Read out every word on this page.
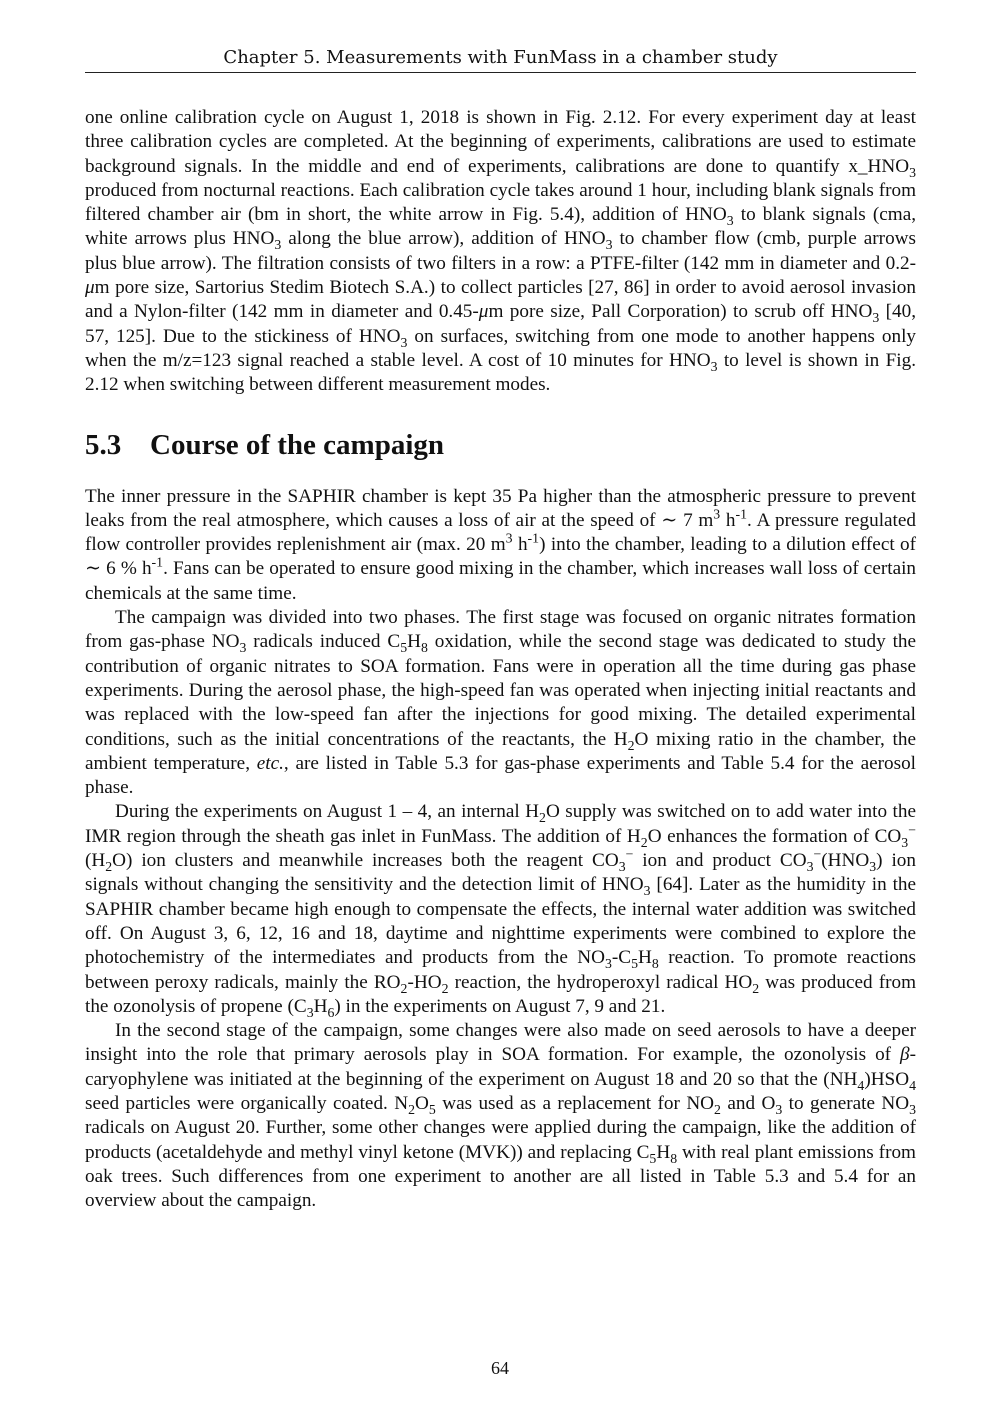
Chapter 5. Measurements with FunMass in a chamber study

one online calibration cycle on August 1, 2018 is shown in Fig. 2.12. For every experiment day at least three calibration cycles are completed. At the beginning of experiments, calibrations are used to estimate background signals. In the middle and end of experiments, calibrations are done to quantify $x\_HNO_3$ produced from nocturnal reactions. Each calibration cycle takes around 1 hour, including blank signals from filtered chamber air (bm in short, the white arrow in Fig. 5.4), addition of $HNO_3$ to blank signals (cma, white arrows plus $HNO_3$ along the blue arrow), addition of $HNO_3$ to chamber flow (cmb, purple arrows plus blue arrow). The filtration consists of two filters in a row: a PTFE-filter (142 mm in diameter and 0.2-μm pore size, Sartorius Stedim Biotech S.A.) to collect particles [27, 86] in order to avoid aerosol invasion and a Nylon-filter (142 mm in diameter and 0.45-μm pore size, Pall Corporation) to scrub off $HNO_3$ [40, 57, 125]. Due to the stickiness of $HNO_3$ on surfaces, switching from one mode to another happens only when the m/z=123 signal reached a stable level. A cost of 10 minutes for $HNO_3$ to level is shown in Fig. 2.12 when switching between different measurement modes.

5.3 Course of the campaign

The inner pressure in the SAPHIR chamber is kept 35 Pa higher than the atmospheric pressure to prevent leaks from the real atmosphere, which causes a loss of air at the speed of ∼ 7 $m^3$ $h^{-1}$. A pressure regulated flow controller provides replenishment air (max. 20 $m^3$ $h^{-1}$) into the chamber, leading to a dilution effect of ∼ 6 % $h^{-1}$. Fans can be operated to ensure good mixing in the chamber, which increases wall loss of certain chemicals at the same time.

The campaign was divided into two phases. The first stage was focused on organic nitrates formation from gas-phase $NO_3$ radicals induced $C_5H_8$ oxidation, while the second stage was dedicated to study the contribution of organic nitrates to SOA formation. Fans were in operation all the time during gas phase experiments. During the aerosol phase, the high-speed fan was operated when injecting initial reactants and was replaced with the low-speed fan after the injections for good mixing. The detailed experimental conditions, such as the initial concentrations of the reactants, the $H_2O$ mixing ratio in the chamber, the ambient temperature, etc., are listed in Table 5.3 for gas-phase experiments and Table 5.4 for the aerosol phase.

During the experiments on August 1 – 4, an internal $H_2O$ supply was switched on to add water into the IMR region through the sheath gas inlet in FunMass. The addition of $H_2O$ enhances the formation of $CO_3^-(H_2O)$ ion clusters and meanwhile increases both the reagent $CO_3^-$ ion and product $CO_3^-(HNO_3)$ ion signals without changing the sensitivity and the detection limit of $HNO_3$ [64]. Later as the humidity in the SAPHIR chamber became high enough to compensate the effects, the internal water addition was switched off. On August 3, 6, 12, 16 and 18, daytime and nighttime experiments were combined to explore the photochemistry of the intermediates and products from the $NO_3-C_5H_8$ reaction. To promote reactions between peroxy radicals, mainly the $RO_2-HO_2$ reaction, the hydroperoxyl radical $HO_2$ was produced from the ozonolysis of propene $(C_3H_6)$ in the experiments on August 7, 9 and 21.

In the second stage of the campaign, some changes were also made on seed aerosols to have a deeper insight into the role that primary aerosols play in SOA formation. For example, the ozonolysis of β-caryophylene was initiated at the beginning of the experiment on August 18 and 20 so that the $(NH_4)HSO_4$ seed particles were organically coated. $N_2O_5$ was used as a replacement for $NO_2$ and $O_3$ to generate $NO_3$ radicals on August 20. Further, some other changes were applied during the campaign, like the addition of products (acetaldehyde and methyl vinyl ketone (MVK)) and replacing $C_5H_8$ with real plant emissions from oak trees. Such differences from one experiment to another are all listed in Table 5.3 and 5.4 for an overview about the campaign.

64
